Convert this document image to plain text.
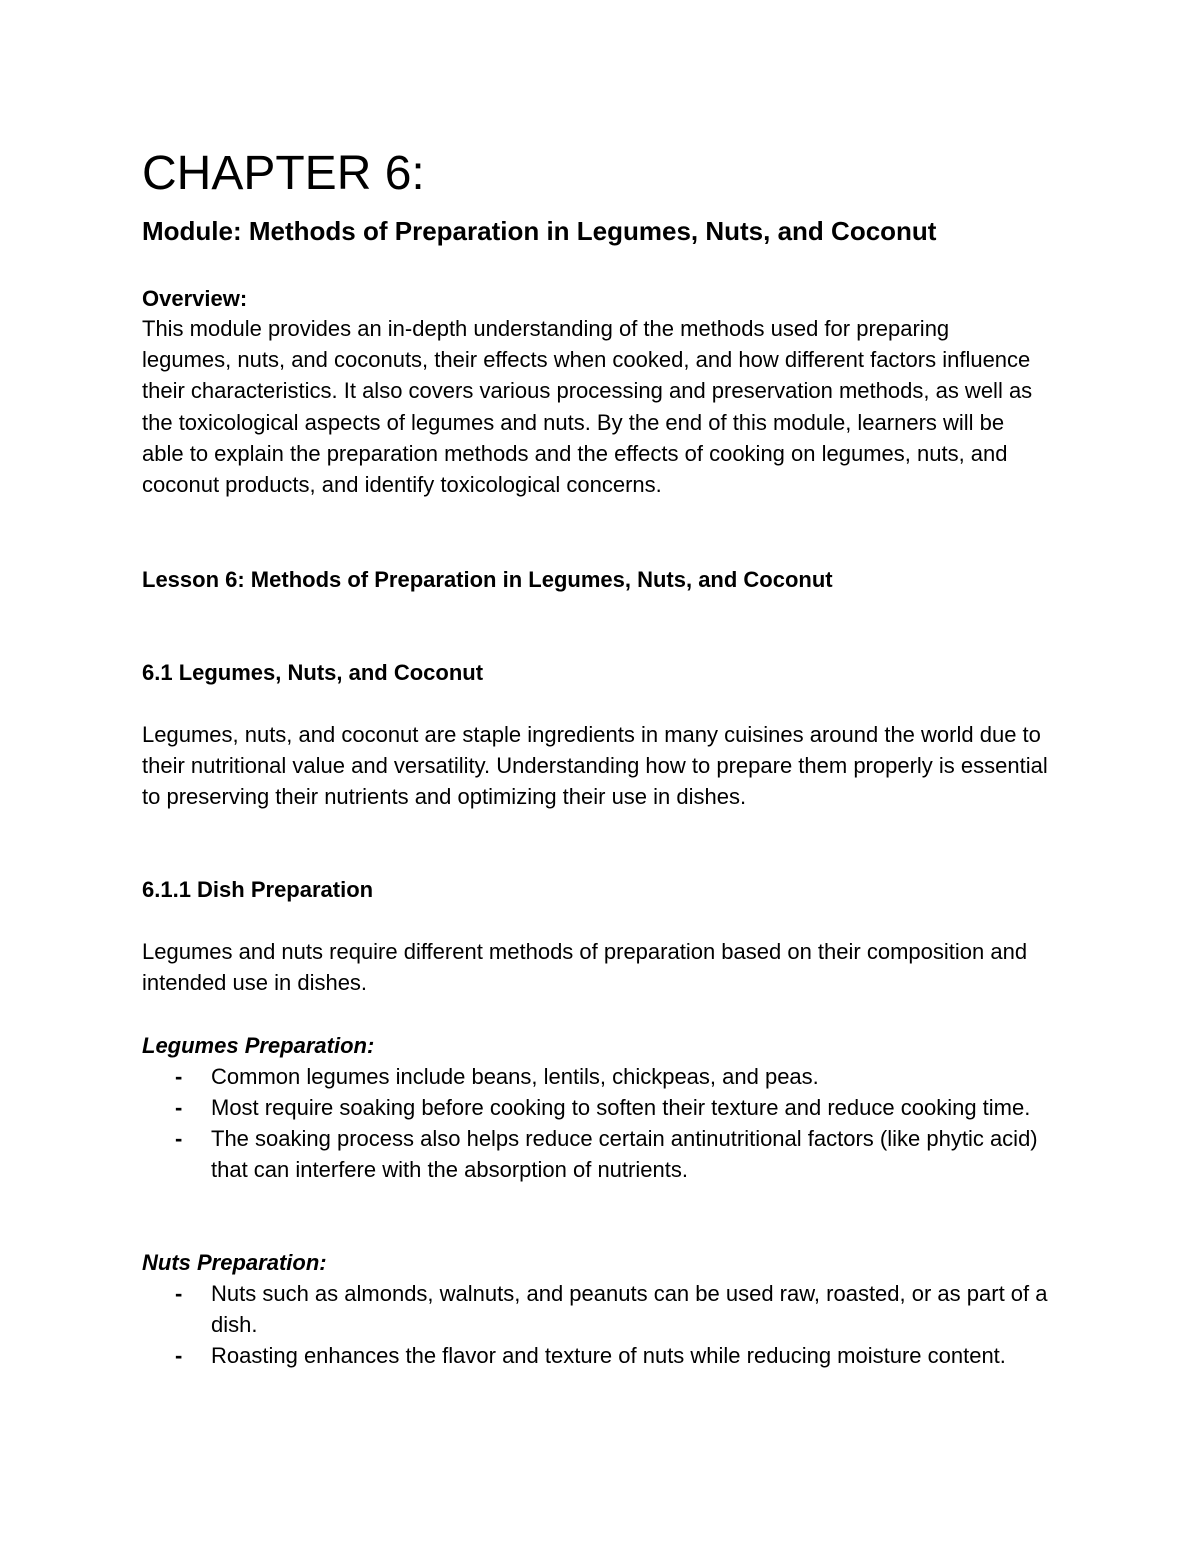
CHAPTER 6:
Module: Methods of Preparation in Legumes, Nuts, and Coconut
Overview:

This module provides an in-depth understanding of the methods used for preparing legumes, nuts, and coconuts, their effects when cooked, and how different factors influence their characteristics. It also covers various processing and preservation methods, as well as the toxicological aspects of legumes and nuts. By the end of this module, learners will be able to explain the preparation methods and the effects of cooking on legumes, nuts, and coconut products, and identify toxicological concerns.

Lesson 6: Methods of Preparation in Legumes, Nuts, and Coconut
6.1 Legumes, Nuts, and Coconut

Legumes, nuts, and coconut are staple ingredients in many cuisines around the world due to their nutritional value and versatility. Understanding how to prepare them properly is essential to preserving their nutrients and optimizing their use in dishes.

6.1.1 Dish Preparation

Legumes and nuts require different methods of preparation based on their composition and intended use in dishes.

Legumes Preparation:
- Common legumes include beans, lentils, chickpeas, and peas.
- Most require soaking before cooking to soften their texture and reduce cooking time.
- The soaking process also helps reduce certain antinutritional factors (like phytic acid) that can interfere with the absorption of nutrients.
Nuts Preparation:
- Nuts such as almonds, walnuts, and peanuts can be used raw, roasted, or as part of a dish.
- Roasting enhances the flavor and texture of nuts while reducing moisture content.
